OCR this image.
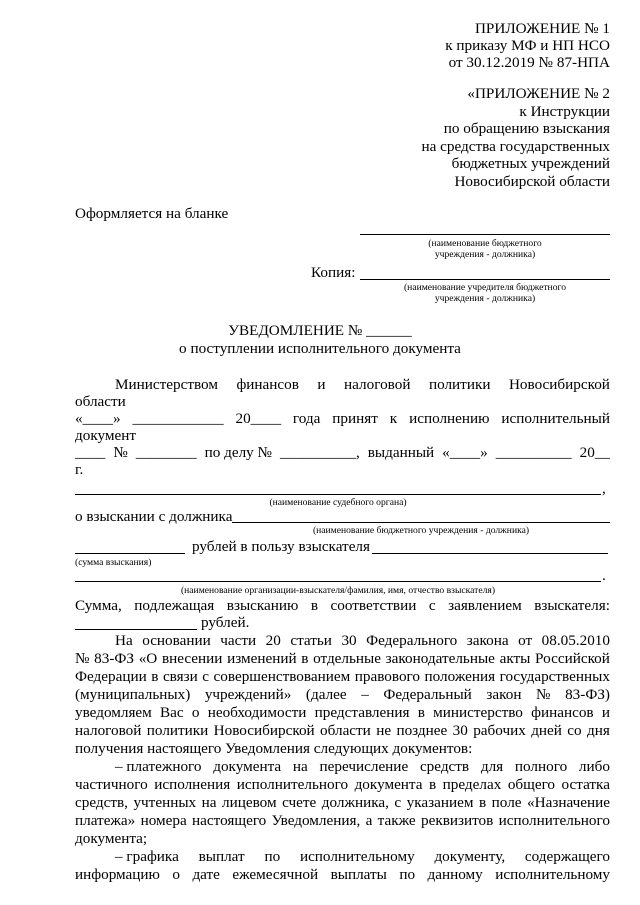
ПРИЛОЖЕНИЕ № 1
к приказу МФ и НП НСО
от 30.12.2019 № 87-НПА
«ПРИЛОЖЕНИЕ № 2
к Инструкции
по обращению взыскания
на средства государственных
бюджетных учреждений
Новосибирской области
Оформляется на бланке
(наименование бюджетного
учреждения - должника)
Копия:
(наименование учредителя бюджетного
учреждения - должника)
УВЕДОМЛЕНИЕ № ______
о поступлении исполнительного документа
Министерством финансов и налоговой политики Новосибирской
области
«____» ____________ 20____ года принят к исполнению исполнительный
документ
____ № ________ по делу № __________, выданный «____» __________ 20__
г.
,
(наименование судебного органа)
о взыскании с должника
(наименование бюджетного учреждения - должника)
рублей в пользу взыскателя
(сумма взыскания)
.
(наименование организации-взыскателя/фамилия, имя, отчество взыскателя)
Сумма, подлежащая взысканию в соответствии с заявлением взыскателя:
рублей.
На основании части 20 статьи 30 Федерального закона от 08.05.2010
№ 83-ФЗ «О внесении изменений в отдельные законодательные акты Российской
Федерации в связи с совершенствованием правового положения государственных
(муниципальных) учреждений» (далее – Федеральный закон № 83-ФЗ)
уведомляем Вас о необходимости представления в министерство финансов и
налоговой политики Новосибирской области не позднее 30 рабочих дней со дня
получения настоящего Уведомления следующих документов:
– платежного документа на перечисление средств для полного либо
частичного исполнения исполнительного документа в пределах общего остатка
средств, учтенных на лицевом счете должника, с указанием в поле «Назначение
платежа» номера настоящего Уведомления, а также реквизитов исполнительного
документа;
– графика выплат по исполнительному документу, содержащего
информацию о дате ежемесячной выплаты по данному исполнительному
